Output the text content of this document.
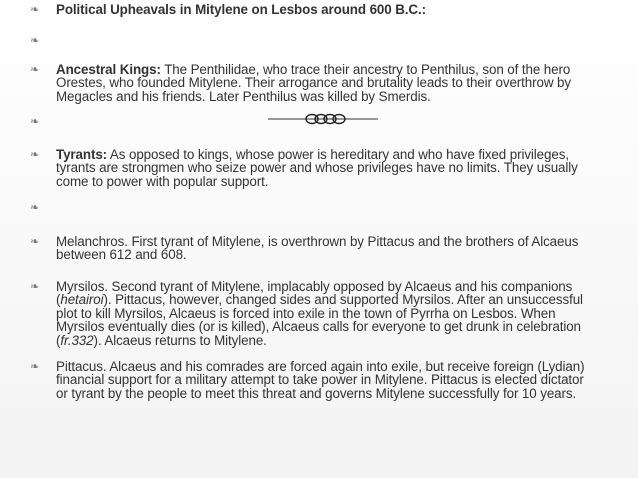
❧ Political Upheavals in Mitylene on Lesbos around 600 B.C.:
❧
❧ Ancestral Kings: The Penthilidae, who trace their ancestry to Penthilus, son of the hero Orestes, who founded Mitylene. Their arrogance and brutality leads to their overthrow by Megacles and his friends. Later Penthilus was killed by Smerdis.
❧
❧ Tyrants: As opposed to kings, whose power is hereditary and who have fixed privileges, tyrants are strongmen who seize power and whose privileges have no limits. They usually come to power with popular support.
❧
❧ Melanchros. First tyrant of Mitylene, is overthrown by Pittacus and the brothers of Alcaeus between 612 and 608.
❧ Myrsilos. Second tyrant of Mitylene, implacably opposed by Alcaeus and his companions (hetairoi). Pittacus, however, changed sides and supported Myrsilos. After an unsuccessful plot to kill Myrsilos, Alcaeus is forced into exile in the town of Pyrrha on Lesbos. When Myrsilos eventually dies (or is killed), Alcaeus calls for everyone to get drunk in celebration (fr.332). Alcaeus returns to Mitylene.
❧ Pittacus. Alcaeus and his comrades are forced again into exile, but receive foreign (Lydian) financial support for a military attempt to take power in Mitylene. Pittacus is elected dictator or tyrant by the people to meet this threat and governs Mitylene successfully for 10 years.
